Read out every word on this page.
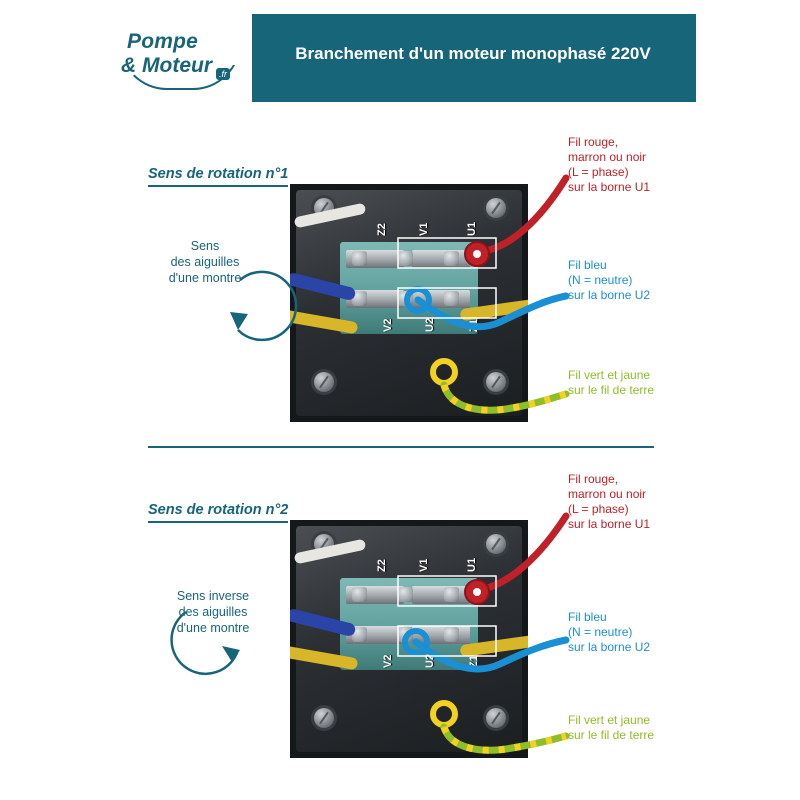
Pompe
& Moteur .fr
Branchement d'un moteur monophasé 220V
Sens de rotation n°1
Sens
des aiguilles
d'une montre
Z2	V1	U1
V2	U2	Z1
Fil rouge,
marron ou noir
(L = phase)
sur la borne U1
Fil bleu
(N = neutre)
sur la borne U2
Fil vert et jaune
sur le fil de terre
Sens de rotation n°2
Sens inverse
des aiguilles
d'une montre
Z2	V1	U1
V2	U2	Z1
Fil rouge,
marron ou noir
(L = phase)
sur la borne U1
Fil bleu
(N = neutre)
sur la borne U2
Fil vert et jaune
sur le fil de terre
